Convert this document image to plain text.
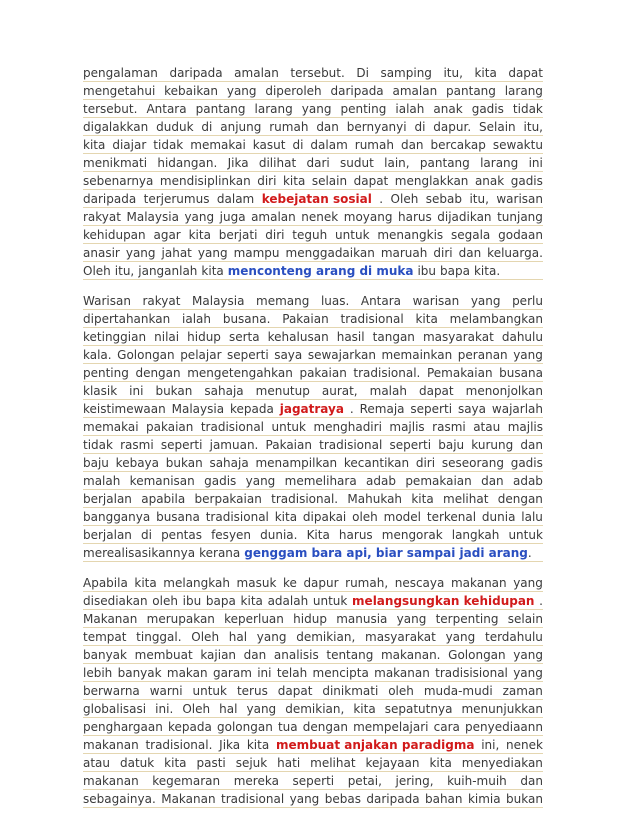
pengalaman daripada amalan tersebut. Di samping itu, kita dapat
mengetahui kebaikan yang diperoleh daripada amalan pantang larang
tersebut. Antara pantang larang yang penting ialah anak gadis tidak
digalakkan duduk di anjung rumah dan bernyanyi di dapur. Selain itu,
kita diajar tidak memakai kasut di dalam rumah dan bercakap sewaktu
menikmati hidangan. Jika dilihat dari sudut lain, pantang larang ini
sebenarnya mendisiplinkan diri kita selain dapat menglakkan anak gadis
daripada terjerumus dalam kebejatan sosial . Oleh sebab itu, warisan
rakyat Malaysia yang juga amalan nenek moyang harus dijadikan tunjang
kehidupan agar kita berjati diri teguh untuk menangkis segala godaan
anasir yang jahat yang mampu menggadaikan maruah diri dan keluarga.
Oleh itu, janganlah kita menconteng arang di muka ibu bapa kita.
Warisan rakyat Malaysia memang luas. Antara warisan yang perlu
dipertahankan ialah busana. Pakaian tradisional kita melambangkan
ketinggian nilai hidup serta kehalusan hasil tangan masyarakat dahulu
kala. Golongan pelajar seperti saya sewajarkan memainkan peranan yang
penting dengan mengetengahkan pakaian tradisional. Pemakaian busana
klasik ini bukan sahaja menutup aurat, malah dapat menonjolkan
keistimewaan Malaysia kepada jagatraya . Remaja seperti saya wajarlah
memakai pakaian tradisional untuk menghadiri majlis rasmi atau majlis
tidak rasmi seperti jamuan. Pakaian tradisional seperti baju kurung dan
baju kebaya bukan sahaja menampilkan kecantikan diri seseorang gadis
malah kemanisan gadis yang memelihara adab pemakaian dan adab
berjalan apabila berpakaian tradisional. Mahukah kita melihat dengan
bangganya busana tradisional kita dipakai oleh model terkenal dunia lalu
berjalan di pentas fesyen dunia. Kita harus mengorak langkah untuk
merealisasikannya kerana genggam bara api, biar sampai jadi arang .
Apabila kita melangkah masuk ke dapur rumah, nescaya makanan yang
disediakan oleh ibu bapa kita adalah untuk melangsungkan kehidupan .
Makanan merupakan keperluan hidup manusia yang terpenting selain
tempat tinggal. Oleh hal yang demikian, masyarakat yang terdahulu
banyak membuat kajian dan analisis tentang makanan. Golongan yang
lebih banyak makan garam ini telah mencipta makanan tradisisional yang
berwarna warni untuk terus dapat dinikmati oleh muda-mudi zaman
globalisasi ini. Oleh hal yang demikian, kita sepatutnya menunjukkan
penghargaan kepada golongan tua dengan mempelajari cara penyediaann
makanan tradisional. Jika kita membuat anjakan paradigma ini, nenek
atau datuk kita pasti sejuk hati melihat kejayaan kita menyediakan
makanan kegemaran mereka seperti petai, jering, kuih-muih dan
sebagainya. Makanan tradisional yang bebas daripada bahan kimia bukan
